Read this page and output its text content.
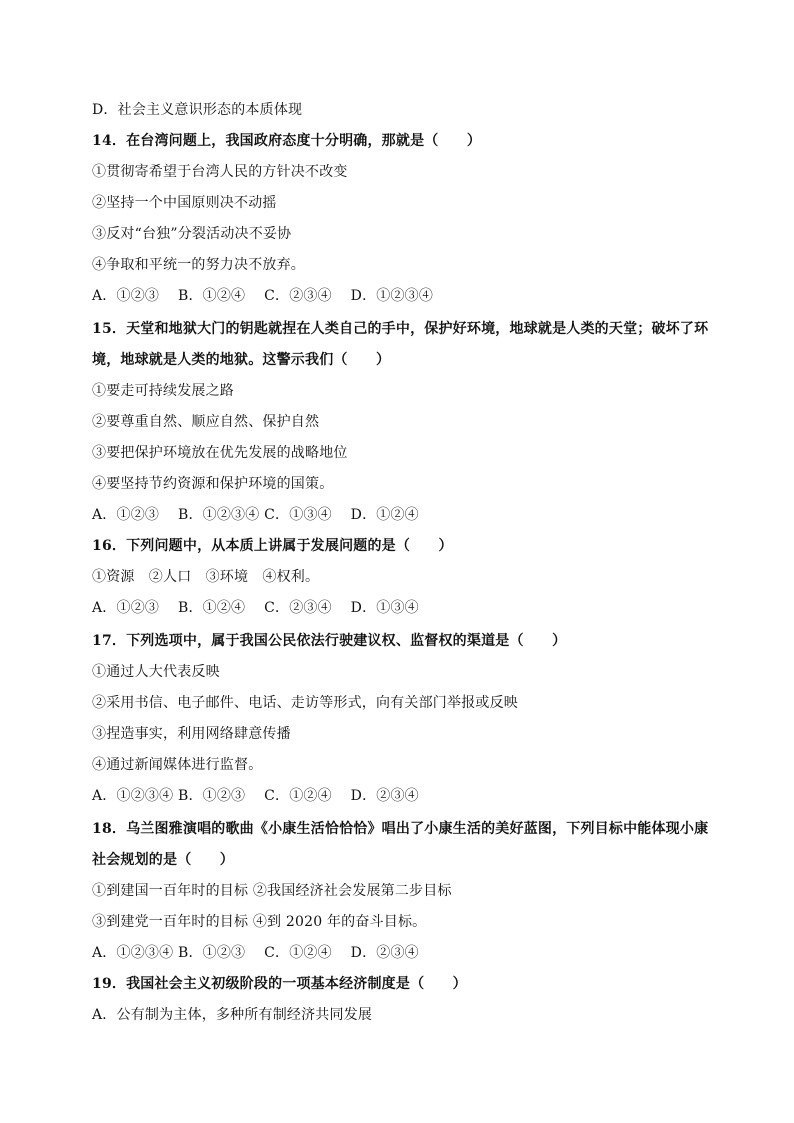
D．社会主义意识形态的本质体现
14．在台湾问题上，我国政府态度十分明确，那就是（　　）
①贯彻寄希望于台湾人民的方针决不改变
②坚持一个中国原则决不动摇
③反对“台独”分裂活动决不妥协
④争取和平统一的努力决不放弃。
A．①②③　 B．①②④　 C．②③④　 D．①②③④
15．天堂和地狱大门的钥匙就捏在人类自己的手中，保护好环境，地球就是人类的天堂；破坏了环
境，地球就是人类的地狱。这警示我们（　　）
①要走可持续发展之路
②要尊重自然、顺应自然、保护自然
③要把保护环境放在优先发展的战略地位
④要坚持节约资源和保护环境的国策。
A．①②③　 B．①②③④ C．①③④　 D．①②④
16．下列问题中，从本质上讲属于发展问题的是（　　）
①资源　②人口　③环境　④权利。
A．①②③　 B．①②④　 C．②③④　 D．①③④
17．下列选项中，属于我国公民依法行驶建议权、监督权的渠道是（　　）
①通过人大代表反映
②采用书信、电子邮件、电话、走访等形式，向有关部门举报或反映
③捏造事实，利用网络肆意传播
④通过新闻媒体进行监督。
A．①②③④ B．①②③　 C．①②④　 D．②③④
18．乌兰图雅演唱的歌曲《小康生活恰恰恰》唱出了小康生活的美好蓝图，下列目标中能体现小康
社会规划的是（　　）
①到建国一百年时的目标 ②我国经济社会发展第二步目标
③到建党一百年时的目标 ④到 2020 年的奋斗目标。
A．①②③④ B．①②③　 C．①②④　 D．②③④
19．我国社会主义初级阶段的一项基本经济制度是（　　）
A．公有制为主体，多种所有制经济共同发展
